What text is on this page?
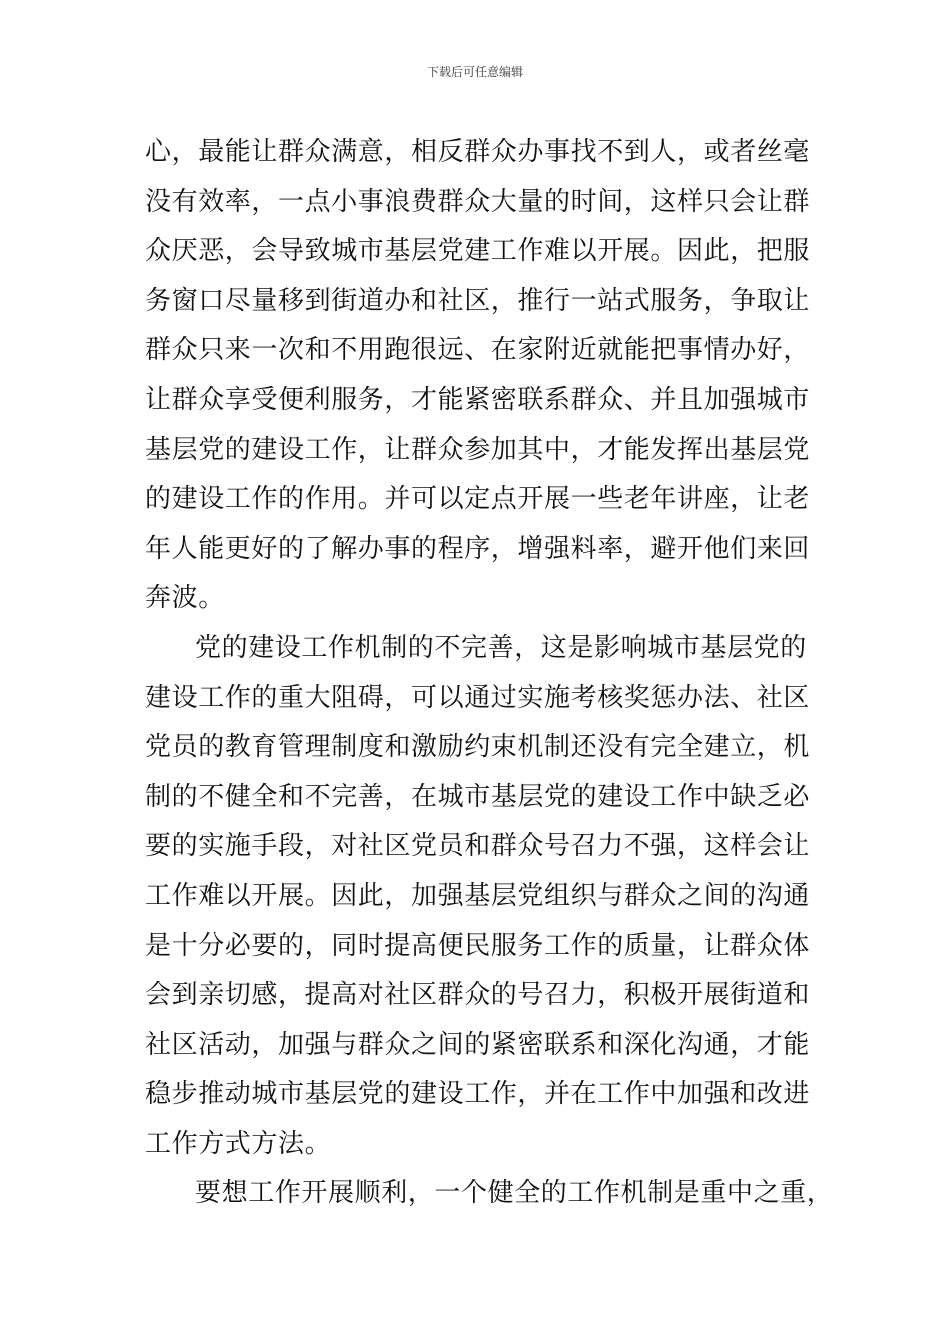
下载后可任意编辑
心，最能让群众满意，相反群众办事找不到人，或者丝毫
没有效率，一点小事浪费群众大量的时间，这样只会让群
众厌恶，会导致城市基层党建工作难以开展。因此，把服
务窗口尽量移到街道办和社区，推行一站式服务，争取让
群众只来一次和不用跑很远、在家附近就能把事情办好，
让群众享受便利服务，才能紧密联系群众、并且加强城市
基层党的建设工作，让群众参加其中，才能发挥出基层党
的建设工作的作用。并可以定点开展一些老年讲座，让老
年人能更好的了解办事的程序，增强料率，避开他们来回
奔波。
党的建设工作机制的不完善，这是影响城市基层党的
建设工作的重大阻碍，可以通过实施考核奖惩办法、社区
党员的教育管理制度和激励约束机制还没有完全建立，机
制的不健全和不完善，在城市基层党的建设工作中缺乏必
要的实施手段，对社区党员和群众号召力不强，这样会让
工作难以开展。因此，加强基层党组织与群众之间的沟通
是十分必要的，同时提高便民服务工作的质量，让群众体
会到亲切感，提高对社区群众的号召力，积极开展街道和
社区活动，加强与群众之间的紧密联系和深化沟通，才能
稳步推动城市基层党的建设工作，并在工作中加强和改进
工作方式方法。
要想工作开展顺利，一个健全的工作机制是重中之重，
